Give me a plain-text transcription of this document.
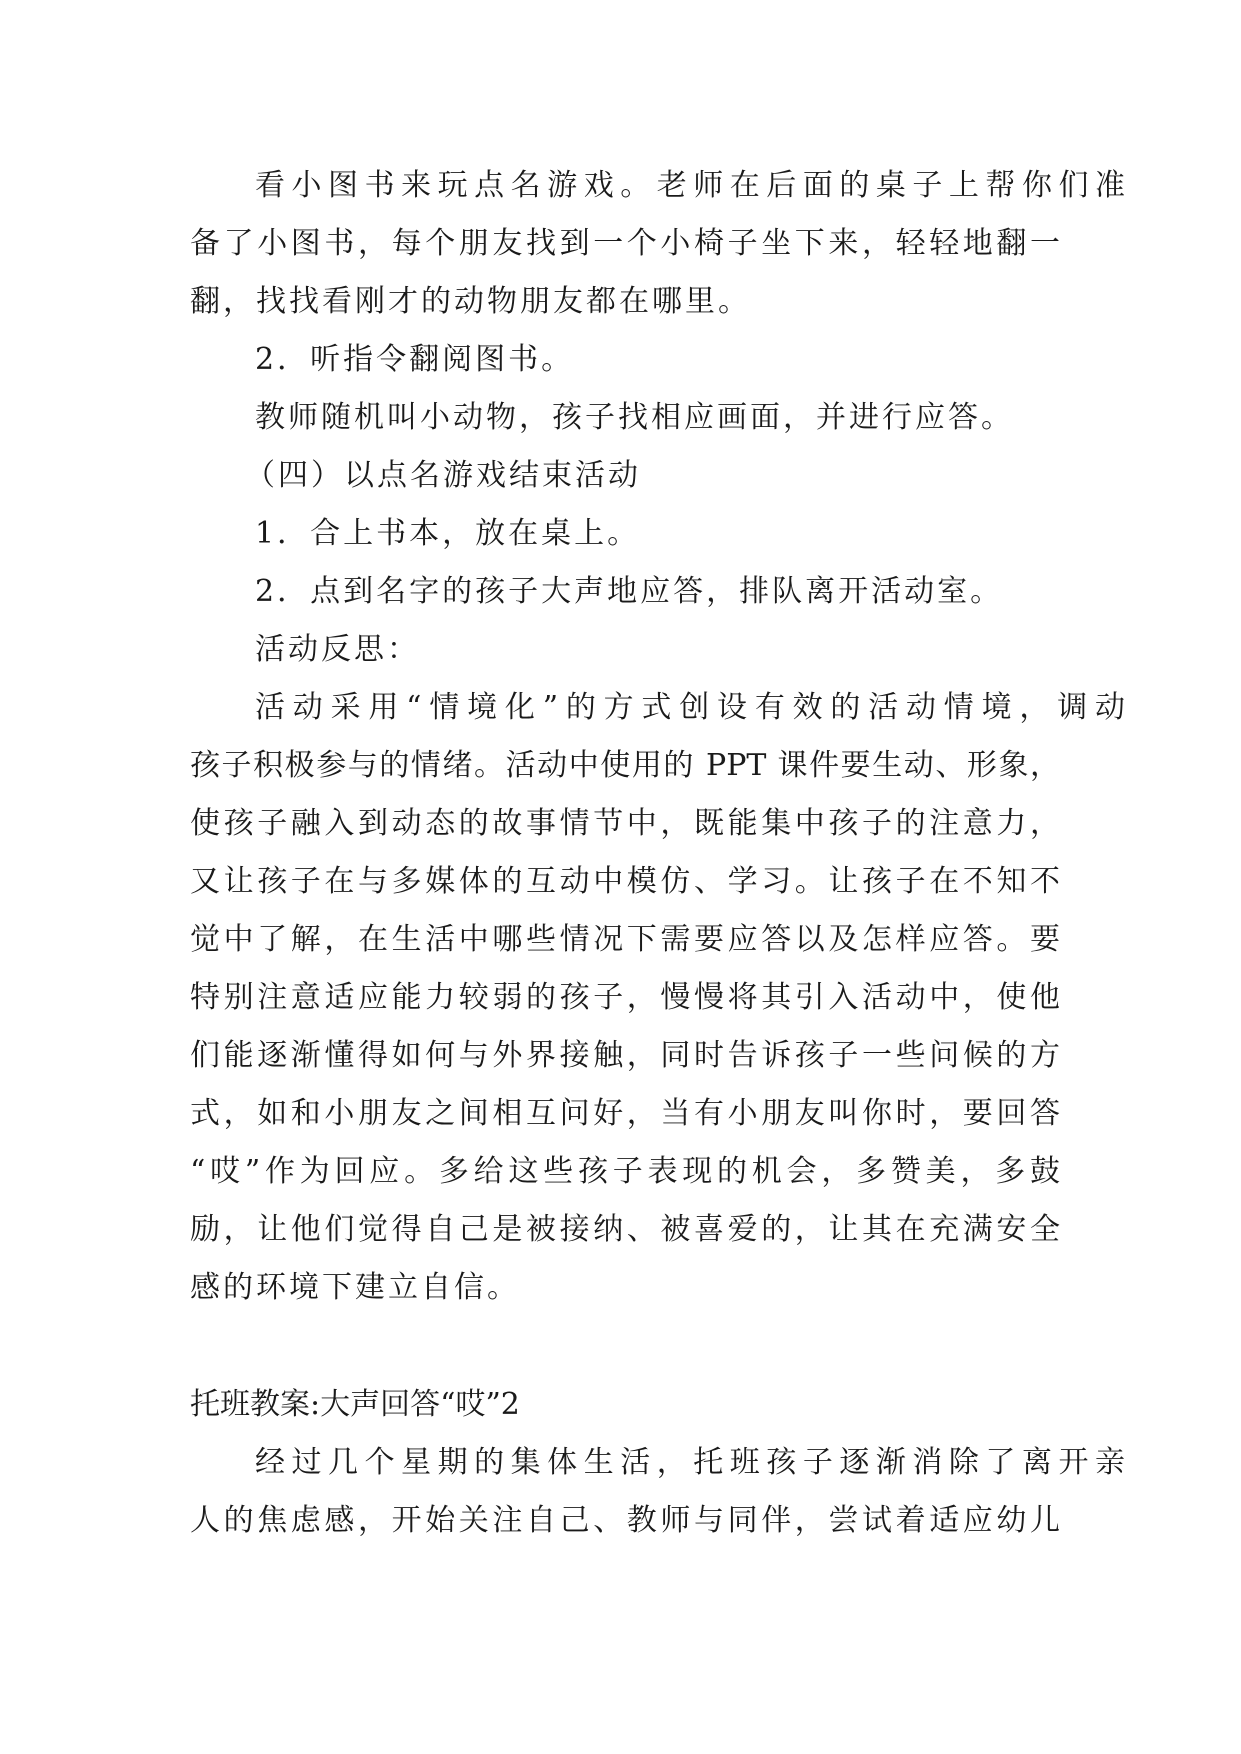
看小图书来玩点名游戏。老师在后面的桌子上帮你们准
备了小图书，每个朋友找到一个小椅子坐下来，轻轻地翻一
翻，找找看刚才的动物朋友都在哪里。
2．听指令翻阅图书。
教师随机叫小动物，孩子找相应画面，并进行应答。
（四）以点名游戏结束活动
1．合上书本，放在桌上。
2．点到名字的孩子大声地应答，排队离开活动室。
活动反思：
活动采用“情境化”的方式创设有效的活动情境，调动
孩子积极参与的情绪。活动中使用的 PPT 课件要生动、形象，
使孩子融入到动态的故事情节中，既能集中孩子的注意力，
又让孩子在与多媒体的互动中模仿、学习。让孩子在不知不
觉中了解，在生活中哪些情况下需要应答以及怎样应答。要
特别注意适应能力较弱的孩子，慢慢将其引入活动中，使他
们能逐渐懂得如何与外界接触，同时告诉孩子一些问候的方
式，如和小朋友之间相互问好，当有小朋友叫你时，要回答
“哎”作为回应。多给这些孩子表现的机会，多赞美，多鼓
励，让他们觉得自己是被接纳、被喜爱的，让其在充满安全
感的环境下建立自信。
托班教案:大声回答“哎”2
经过几个星期的集体生活，托班孩子逐渐消除了离开亲
人的焦虑感，开始关注自己、教师与同伴，尝试着适应幼儿
